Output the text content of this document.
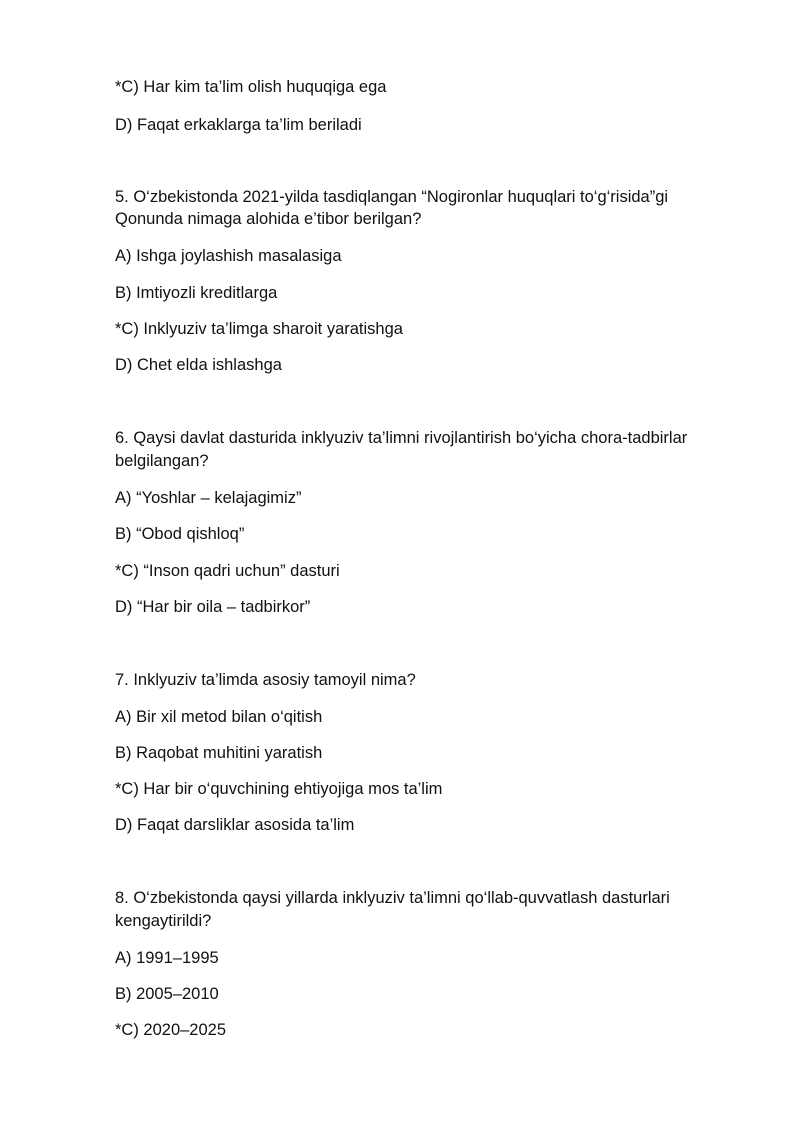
*C) Har kim ta’lim olish huquqiga ega
D) Faqat erkaklarga ta’lim beriladi
5. O‘zbekistonda 2021-yilda tasdiqlangan “Nogironlar huquqlari to‘g‘risida”gi
Qonunda nimaga alohida e’tibor berilgan?
A) Ishga joylashish masalasiga
B) Imtiyozli kreditlarga
*C) Inklyuziv ta’limga sharoit yaratishga
D) Chet elda ishlashga
6. Qaysi davlat dasturida inklyuziv ta’limni rivojlantirish bo‘yicha chora-tadbirlar
belgilangan?
A) “Yoshlar – kelajagimiz”
B) “Obod qishloq”
*C) “Inson qadri uchun” dasturi
D) “Har bir oila – tadbirkor”
7. Inklyuziv ta’limda asosiy tamoyil nima?
A) Bir xil metod bilan o‘qitish
B) Raqobat muhitini yaratish
*C) Har bir o‘quvchining ehtiyojiga mos ta’lim
D) Faqat darsliklar asosida ta’lim
8. O‘zbekistonda qaysi yillarda inklyuziv ta’limni qo‘llab-quvvatlash dasturlari
kengaytirildi?
A) 1991–1995
B) 2005–2010
*C) 2020–2025
